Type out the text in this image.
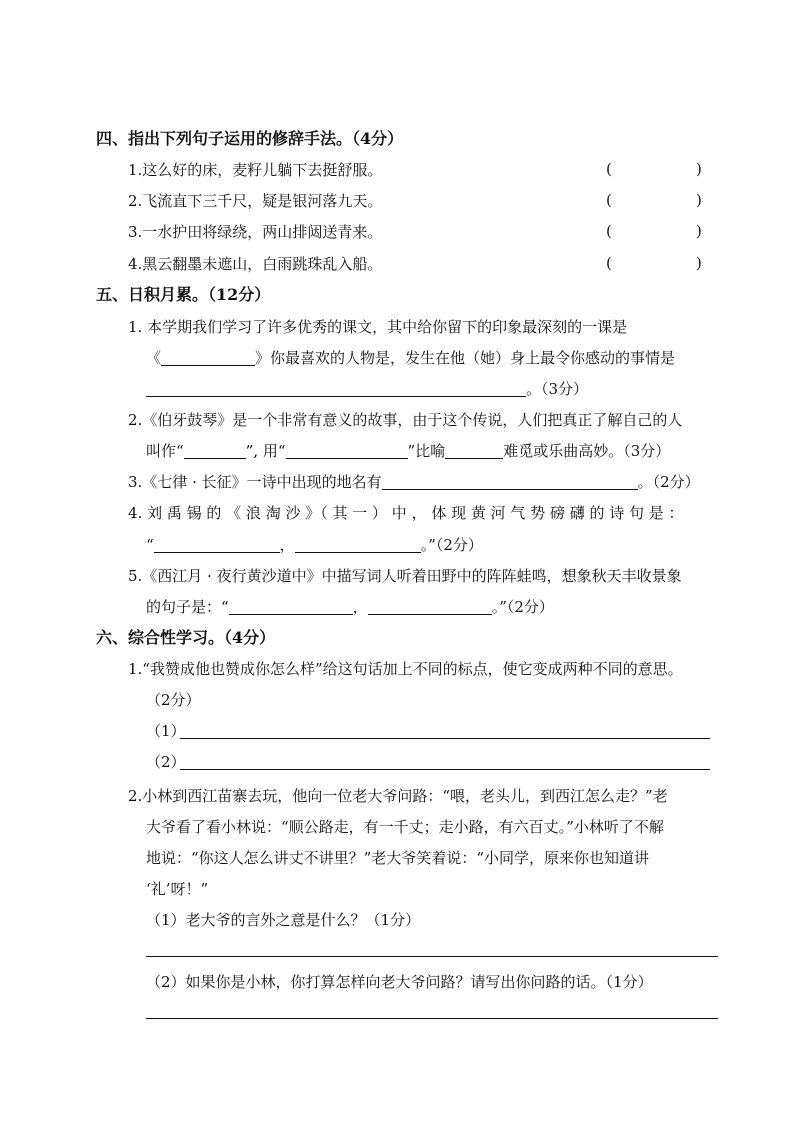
四、指出下列句子运用的修辞手法。（4分）
1.这么好的床，麦籽儿躺下去挺舒服。	(	)
2.飞流直下三千尺，疑是银河落九天。	(	)
3.一水护田将绿绕，两山排闼送青来。	(	)
4.黑云翻墨未遮山，白雨跳珠乱入船。	(	)
五、日积月累。（12分）
1. 本学期我们学习了许多优秀的课文，其中给你留下的印象最深刻的一课是
《	》你最喜欢的人物是，发生在他（她）身上最令你感动的事情是
。（3分）
2.《伯牙鼓琴》是一个非常有意义的故事，由于这个传说，人们把真正了解自己的人
叫作“	”, 用“	”比喻	难觅或乐曲高妙。（3分）
3.《七律 · 长征》一诗中出现的地名有	。（2分）
4. 刘 禹 锡 的 《 浪 淘 沙 》（ 其 一 ） 中 ， 体 现 黄 河 气 势 磅 礴 的 诗 句 是 ：
“	，	。”（2分）
5.《西江月 · 夜行黄沙道中》中描写词人听着田野中的阵阵蛙鸣，想象秋天丰收景象
的句子是：“	，	。”（2分）
六、综合性学习。（4分）
1.“我赞成他也赞成你怎么样”给这句话加上不同的标点，使它变成两种不同的意思。
（2分）
（1）
（2）
2.小林到西江苗寨去玩，他向一位老大爷问路：“喂，老头儿，到西江怎么走？”老
大爷看了看小林说：“顺公路走，有一千丈；走小路，有六百丈。”小林听了不解
地说：“你这人怎么讲丈不讲里？”老大爷笑着说：“小同学，原来你也知道讲
‘礼’呀！”
（1）老大爷的言外之意是什么？（1分）
（2）如果你是小林，你打算怎样向老大爷问路？请写出你问路的话。（1分）
